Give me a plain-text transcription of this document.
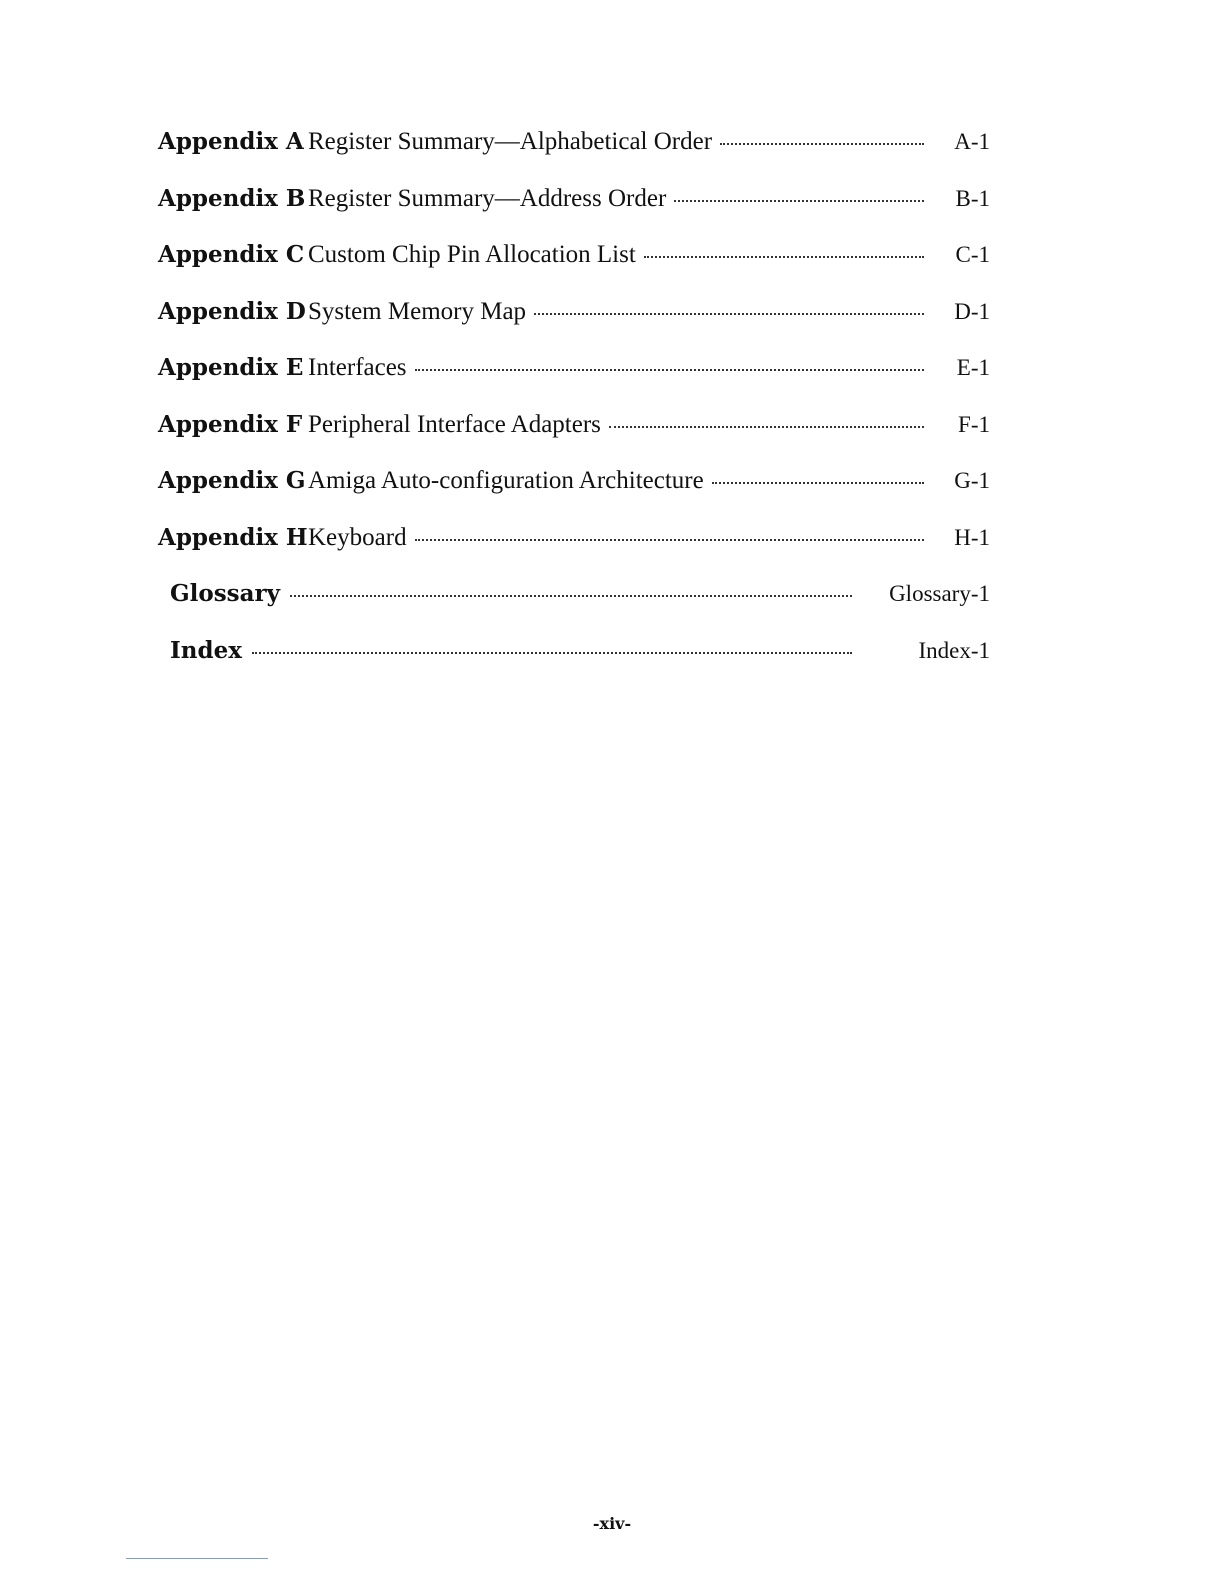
Appendix A Register Summary—Alphabetical Order	A-1
Appendix B Register Summary—Address Order	B-1
Appendix C Custom Chip Pin Allocation List	C-1
Appendix D System Memory Map	D-1
Appendix E Interfaces	E-1
Appendix F Peripheral Interface Adapters	F-1
Appendix G Amiga Auto-configuration Architecture	G-1
Appendix H Keyboard	H-1
Glossary	Glossary-1
Index	Index-1
-xiv-
